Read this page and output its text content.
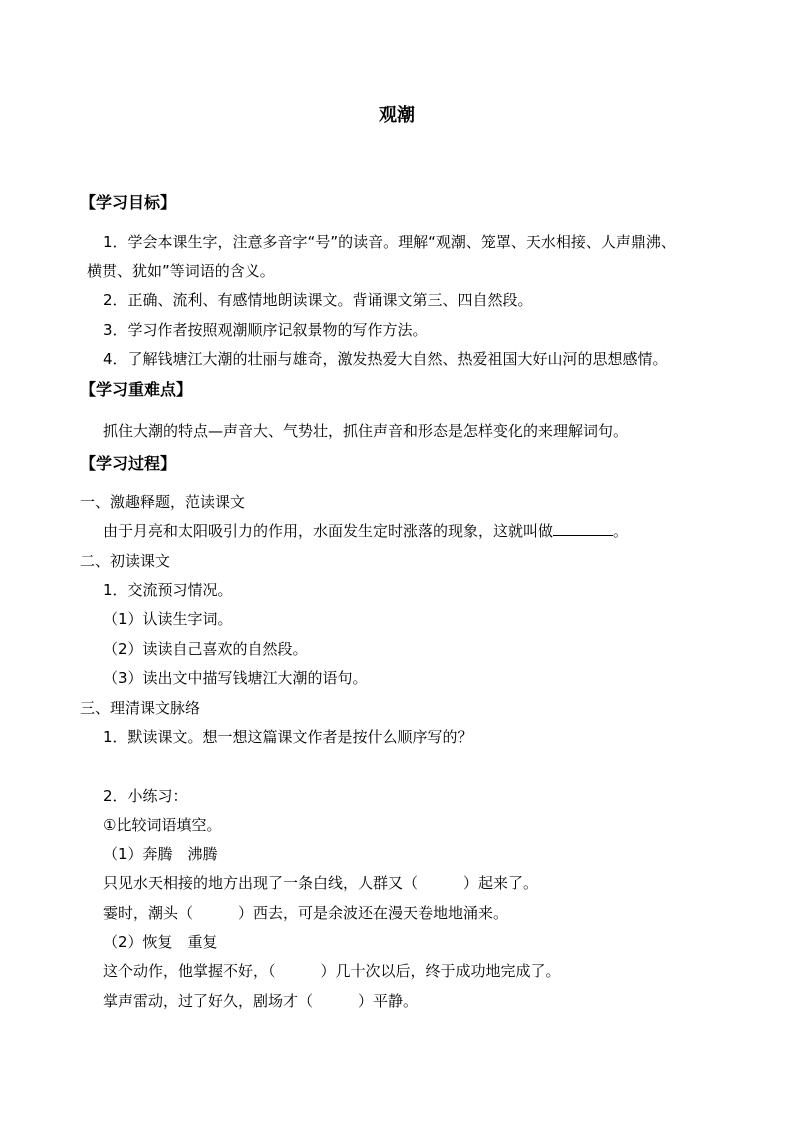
观潮
【学习目标】
1．学会本课生字，注意多音字“号”的读音。理解“观潮、笼罩、天水相接、人声鼎沸、
横贯、犹如”等词语的含义。
2．正确、流利、有感情地朗读课文。背诵课文第三、四自然段。
3．学习作者按照观潮顺序记叙景物的写作方法。
4．了解钱塘江大潮的壮丽与雄奇，激发热爱大自然、热爱祖国大好山河的思想感情。
【学习重难点】
抓住大潮的特点—声音大、气势壮，抓住声音和形态是怎样变化的来理解词句。
【学习过程】
一、激趣释题，范读课文
由于月亮和太阳吸引力的作用，水面发生定时涨落的现象，这就叫做	。
二、初读课文
1．交流预习情况。
（1）认读生字词。
（2）读读自己喜欢的自然段。
（3）读出文中描写钱塘江大潮的语句。
三、理清课文脉络
1．默读课文。想一想这篇课文作者是按什么顺序写的？
2．小练习：
①比较词语填空。
（1）奔腾　沸腾
只见水天相接的地方出现了一条白线，人群又（　　　）起来了。
霎时，潮头（　　　）西去，可是余波还在漫天卷地地涌来。
（2）恢复　重复
这个动作，他掌握不好，（　　　）几十次以后，终于成功地完成了。
掌声雷动，过了好久，剧场才（　　　）平静。
